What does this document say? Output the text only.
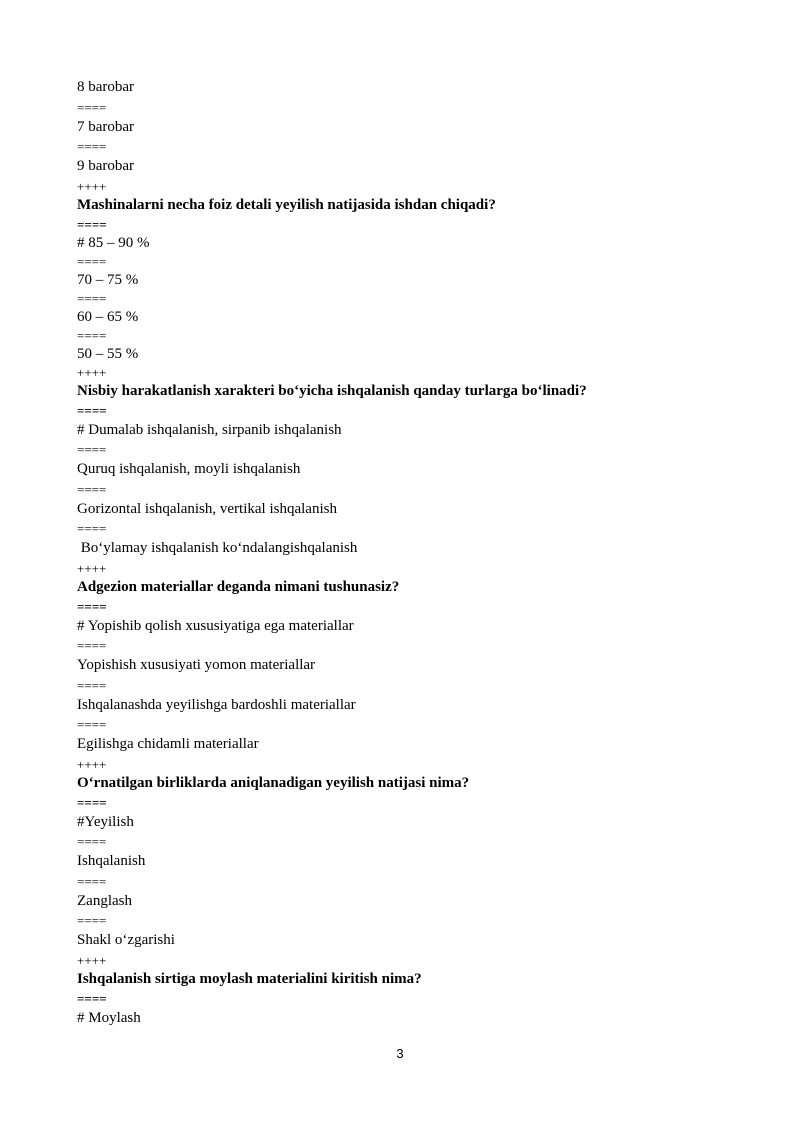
8 barobar
====
7 barobar
====
9 barobar
++++
Mashinalarni necha foiz detali yeyilish natijasida ishdan chiqadi?
====
# 85 – 90 %
====
70 – 75 %
====
60 – 65 %
====
50 – 55 %
++++
Nisbiy harakatlanish xarakteri boʻyicha ishqalanish qanday turlarga boʻlinadi?
====
# Dumalab ishqalanish, sirpanib ishqalanish
====
Quruq ishqalanish, moyli ishqalanish
====
Gorizontal ishqalanish, vertikal ishqalanish
====
Boʻylamay ishqalanish koʻndalangishqalanish
++++
Adgezion materiallar deganda nimani tushunasiz?
====
# Yopishib qolish xususiyatiga ega materiallar
====
Yopishish xususiyati yomon materiallar
====
Ishqalanashda yeyilishga bardoshli materiallar
====
Egilishga chidamli materiallar
++++
Oʻrnatilgan birliklarda aniqlanadigan yeyilish natijasi nima?
====
#Yeyilish
====
Ishqalanish
====
Zanglash
====
Shakl oʻzgarishi
++++
Ishqalanish sirtiga moylash materialini kiritish nima?
====
# Moylash
3
